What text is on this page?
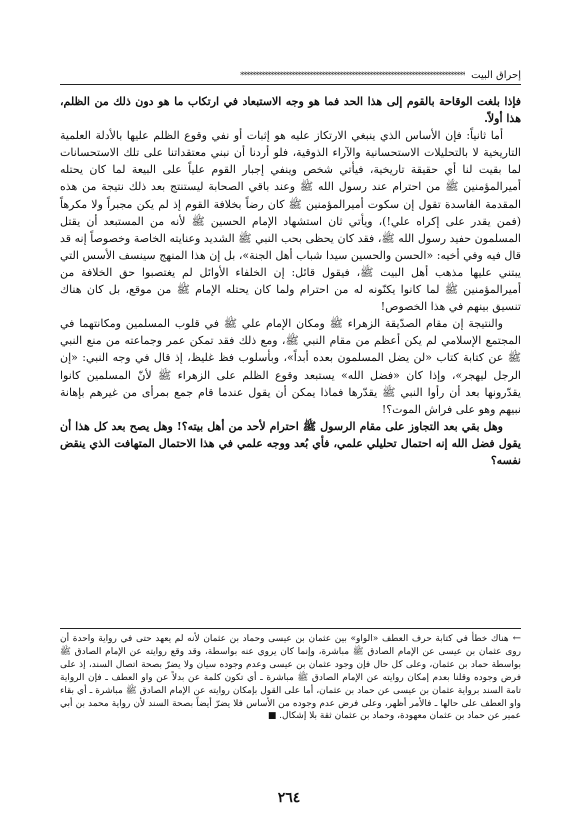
إحراق البيت
***************************************************************************

فإذا بلغت الوقاحة بالقوم إلى هذا الحد فما هو وجه الاستبعاد في ارتكاب ما هو دون ذلك من الظلم، هذا أولاً.

أما ثانياً: فإن الأساس الذي ينبغي الارتكاز عليه هو إثبات أو نفي وقوع الظلم عليها بالأدلة العلمية التاريخية لا بالتحليلات الاستحسانية والآراء الذوقية، فلو أردنا أن نبني معتقداتنا على تلك الاستحسانات لما بقيت لنا أي حقيقة تاريخية، فيأتي شخص وينفي إجبار القوم علياً على البيعة لما كان يحتله أميرالمؤمنين ﷺ من احترام عند رسول الله ﷺ وعند باقي الصحابة ليستنتج بعد ذلك نتيجة من هذه المقدمة الفاسدة تقول إن سكوت أميرالمؤمنين ﷺ كان رضاً بخلافة القوم إذ لم يكن مجبراً ولا مكرهاً (فمن يقدر على إكراه علي!)، ويأتي ثان استشهاد الإمام الحسين ﷺ لأنه من المستبعد أن يقتل المسلمون حفيد رسول الله ﷺ، فقد كان يحظى بحب النبي ﷺ الشديد وعنايته الخاصة وخصوصاً إنه قد قال فيه وفي أخيه: «الحسن والحسين سيدا شباب أهل الجنة»، بل إن هذا المنهج سينسف الأسس التي يبتني عليها مذهب أهل البيت ﷺ، فيقول قائل: إن الخلفاء الأوائل لم يغتصبوا حق الخلافة من أميرالمؤمنين ﷺ لما كانوا يكنّونه له من احترام ولما كان يحتله الإمام ﷺ من موقع، بل كان هناك تنسيق بينهم في هذا الخصوص!

والنتيجة إن مقام الصدّيقة الزهراء ﷺ ومكان الإمام علي ﷺ في قلوب المسلمين ومكانتهما في المجتمع الإسلامي لم يكن أعظم من مقام النبي ﷺ، ومع ذلك فقد تمكن عمر وجماعته من منع النبي ﷺ عن كتابة كتاب «لن يضل المسلمون بعده أبداً»، وبأسلوب فظ غليظ، إذ قال في وجه النبي: «إن الرجل ليهجر»، وإذا كان «فضل الله» يستبعد وقوع الظلم على الزهراء ﷺ لأنّ المسلمين كانوا يقدّرونها بعد أن رأوا النبي ﷺ يقدّرها فماذا يمكن أن يقول عندما قام جمع بمرأى من غيرهم بإهانة نبيهم وهو على فراش الموت؟!

وهل بقي بعد التجاوز على مقام الرسول ﷺ احترام لأحد من أهل بيته؟! وهل يصح بعد كل هذا أن يقول فضل الله إنه احتمال تحليلي علمي، فأي بُعد ووجه علمي في هذا الاحتمال المتهافت الذي ينقض نفسه؟

←هناك خطأ في كتابة حرف العطف «الواو» بين عثمان بن عيسى وحماد بن عثمان لأنه لم يعهد حتى في رواية واحدة أن روى عثمان بن عيسى عن الإمام الصادق ﷺ مباشرة، وإنما كان يروي عنه بواسطة، وقد وقع روايته عن الإمام الصادق ﷺ بواسطة حماد بن عثمان، وعلى كل حال فإن وجود عثمان بن عيسى وعدم وجوده سيان ولا يضرّ بصحة اتصال السند، إذ على فرض وجوده وقلنا بعدم إمكان روايته عن الإمام الصادق ﷺ مباشرة ـ أي تكون كلمة عن بدلاً عن واو العطف ـ فإن الرواية تامة السند برواية عثمان بن عيسى عن حماد بن عثمان، أما على القول بإمكان روايته عن الإمام الصادق ﷺ مباشرة ـ أي بقاء واو العطف على حالها ـ فالأمر أظهر، وعلى فرض عدم وجوده من الأساس فلا يضرّ أيضاً بصحة السند لأن رواية محمد بن أبي عمير عن حماد بن عثمان معهودة، وحماد بن عثمان ثقة بلا إشكال. ■
٢٦٤
